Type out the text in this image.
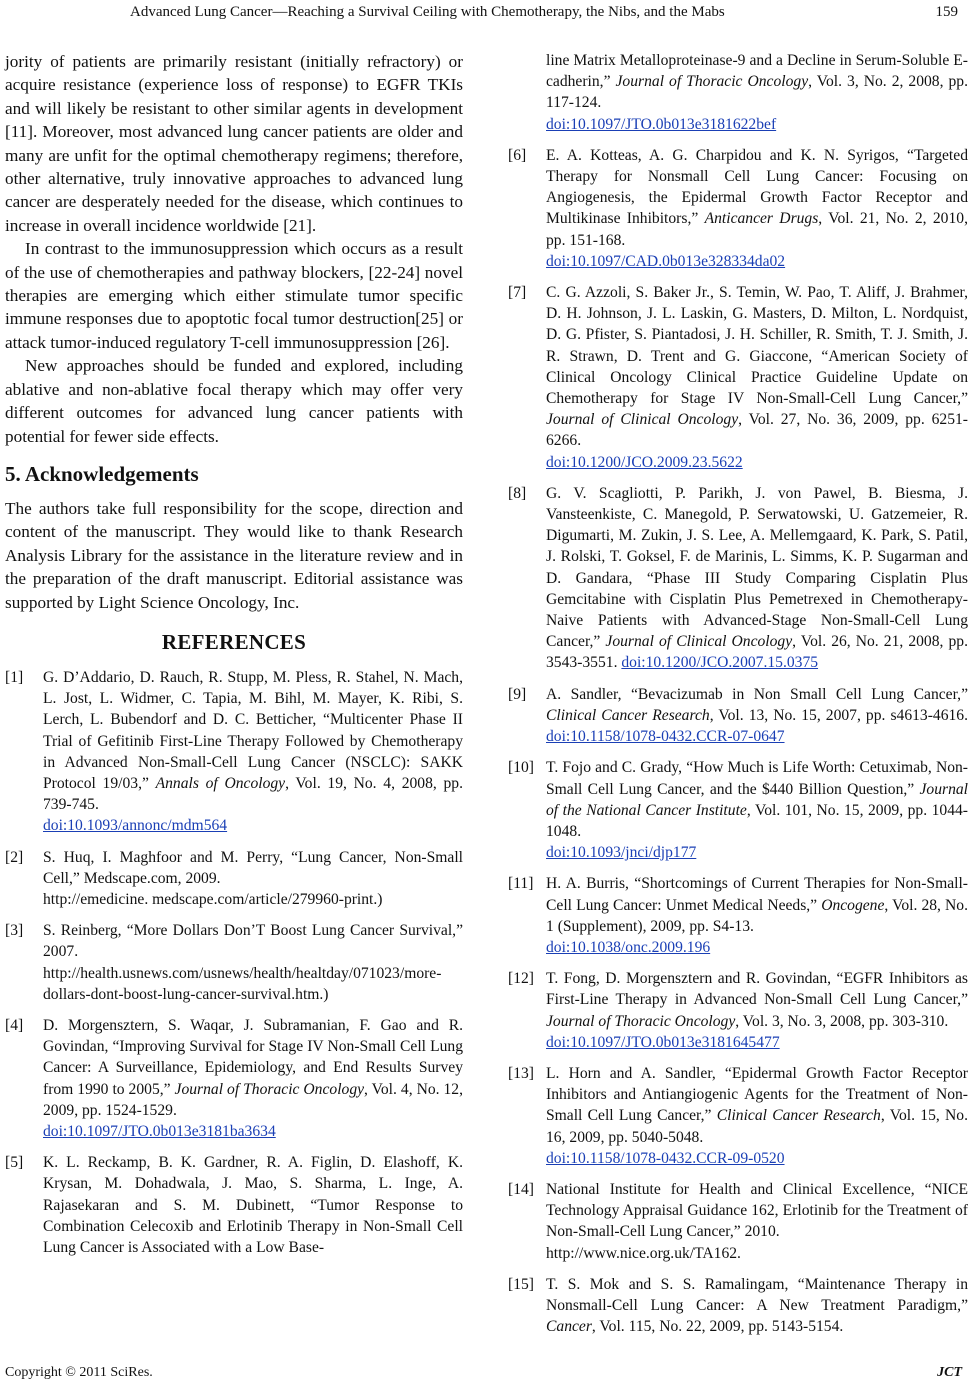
Advanced Lung Cancer—Reaching a Survival Ceiling with Chemotherapy, the Nibs, and the Mabs	159

jority of patients are primarily resistant (initially refractory) or acquire resistance (experience loss of response) to EGFR TKIs and will likely be resistant to other similar agents in development [11]. Moreover, most advanced lung cancer patients are older and many are unfit for the optimal chemotherapy regimens; therefore, other alternative, truly innovative approaches to advanced lung cancer are desperately needed for the disease, which continues to increase in overall incidence worldwide [21].

In contrast to the immunosuppression which occurs as a result of the use of chemotherapies and pathway blockers, [22-24] novel therapies are emerging which either stimulate tumor specific immune responses due to apoptotic focal tumor destruction[25] or attack tumor-induced regulatory T-cell immunosuppression [26].

New approaches should be funded and explored, including ablative and non-ablative focal therapy which may offer very different outcomes for advanced lung cancer patients with potential for fewer side effects.

5. Acknowledgements

The authors take full responsibility for the scope, direction and content of the manuscript. They would like to thank Research Analysis Library for the assistance in the literature review and in the preparation of the draft manuscript. Editorial assistance was supported by Light Science Oncology, Inc.

REFERENCES
[1]	G. D’Addario, D. Rauch, R. Stupp, M. Pless, R. Stahel, N. Mach, L. Jost, L. Widmer, C. Tapia, M. Bihl, M. Mayer, K. Ribi, S. Lerch, L. Bubendorf and D. C. Betticher, “Multicenter Phase II Trial of Gefitinib First-Line Therapy Followed by Chemotherapy in Advanced Non-Small-Cell Lung Cancer (NSCLC): SAKK Protocol 19/03,” Annals of Oncology, Vol. 19, No. 4, 2008, pp. 739-745.
doi:10.1093/annonc/mdm564
[2]	S. Huq, I. Maghfoor and M. Perry, “Lung Cancer, Non-Small Cell,” Medscape.com, 2009.
http://emedicine. medscape.com/article/279960-print.)
[3]	S. Reinberg, “More Dollars Don’T Boost Lung Cancer Survival,” 2007.
http://health.usnews.com/usnews/health/healtday/071023/more-dollars-dont-boost-lung-cancer-survival.htm.)
[4]	D. Morgensztern, S. Waqar, J. Subramanian, F. Gao and R. Govindan, “Improving Survival for Stage IV Non-Small Cell Lung Cancer: A Surveillance, Epidemiology, and End Results Survey from 1990 to 2005,” Journal of Thoracic Oncology, Vol. 4, No. 12, 2009, pp. 1524-1529.
doi:10.1097/JTO.0b013e3181ba3634
[5]	K. L. Reckamp, B. K. Gardner, R. A. Figlin, D. Elashoff, K. Krysan, M. Dohadwala, J. Mao, S. Sharma, L. Inge, A. Rajasekaran and S. M. Dubinett, “Tumor Response to Combination Celecoxib and Erlotinib Therapy in Non-Small Cell Lung Cancer is Associated with a Low Base-
line Matrix Metalloproteinase-9 and a Decline in Serum-Soluble E-cadherin,” Journal of Thoracic Oncology, Vol. 3, No. 2, 2008, pp. 117-124.
doi:10.1097/JTO.0b013e3181622bef
[6]	E. A. Kotteas, A. G. Charpidou and K. N. Syrigos, “Targeted Therapy for Nonsmall Cell Lung Cancer: Focusing on Angiogenesis, the Epidermal Growth Factor Receptor and Multikinase Inhibitors,” Anticancer Drugs, Vol. 21, No. 2, 2010, pp. 151-168.
doi:10.1097/CAD.0b013e328334da02
[7]	C. G. Azzoli, S. Baker Jr., S. Temin, W. Pao, T. Aliff, J. Brahmer, D. H. Johnson, J. L. Laskin, G. Masters, D. Milton, L. Nordquist, D. G. Pfister, S. Piantadosi, J. H. Schiller, R. Smith, T. J. Smith, J. R. Strawn, D. Trent and G. Giaccone, “American Society of Clinical Oncology Clinical Practice Guideline Update on Chemotherapy for Stage IV Non-Small-Cell Lung Cancer,” Journal of Clinical Oncology, Vol. 27, No. 36, 2009, pp. 6251-6266.
doi:10.1200/JCO.2009.23.5622
[8]	G. V. Scagliotti, P. Parikh, J. von Pawel, B. Biesma, J. Vansteenkiste, C. Manegold, P. Serwatowski, U. Gatzemeier, R. Digumarti, M. Zukin, J. S. Lee, A. Mellemgaard, K. Park, S. Patil, J. Rolski, T. Goksel, F. de Marinis, L. Simms, K. P. Sugarman and D. Gandara, “Phase III Study Comparing Cisplatin Plus Gemcitabine with Cisplatin Plus Pemetrexed in Chemotherapy-Naive Patients with Advanced-Stage Non-Small-Cell Lung Cancer,” Journal of Clinical Oncology, Vol. 26, No. 21, 2008, pp. 3543-3551. doi:10.1200/JCO.2007.15.0375
[9]	A. Sandler, “Bevacizumab in Non Small Cell Lung Cancer,” Clinical Cancer Research, Vol. 13, No. 15, 2007, pp. s4613-4616. doi:10.1158/1078-0432.CCR-07-0647
[10] T. Fojo and C. Grady, “How Much is Life Worth: Cetuximab, Non-Small Cell Lung Cancer, and the $440 Billion Question,” Journal of the National Cancer Institute, Vol. 101, No. 15, 2009, pp. 1044-1048.
doi:10.1093/jnci/djp177
[11] H. A. Burris, “Shortcomings of Current Therapies for Non-Small-Cell Lung Cancer: Unmet Medical Needs,” Oncogene, Vol. 28, No. 1 (Supplement), 2009, pp. S4-13.
doi:10.1038/onc.2009.196
[12] T. Fong, D. Morgensztern and R. Govindan, “EGFR Inhibitors as First-Line Therapy in Advanced Non-Small Cell Lung Cancer,” Journal of Thoracic Oncology, Vol. 3, No. 3, 2008, pp. 303-310.
doi:10.1097/JTO.0b013e3181645477
[13] L. Horn and A. Sandler, “Epidermal Growth Factor Receptor Inhibitors and Antiangiogenic Agents for the Treatment of Non-Small Cell Lung Cancer,” Clinical Cancer Research, Vol. 15, No. 16, 2009, pp. 5040-5048.
doi:10.1158/1078-0432.CCR-09-0520
[14] National Institute for Health and Clinical Excellence, “NICE Technology Appraisal Guidance 162, Erlotinib for the Treatment of Non-Small-Cell Lung Cancer,” 2010.
http://www.nice.org.uk/TA162.
[15] T. S. Mok and S. S. Ramalingam, “Maintenance Therapy in Nonsmall-Cell Lung Cancer: A New Treatment Paradigm,” Cancer, Vol. 115, No. 22, 2009, pp. 5143-5154.
Copyright © 2011 SciRes.	JCT
